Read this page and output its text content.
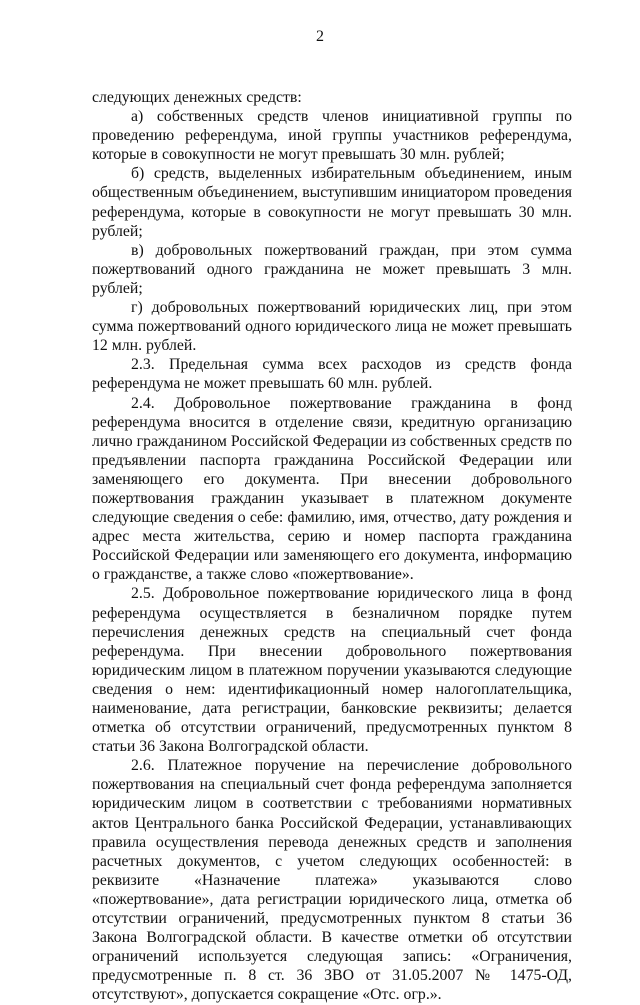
2

следующих денежных средств:

а) собственных средств членов инициативной группы по проведению референдума, иной группы участников референдума, которые в совокупности не могут превышать 30 млн. рублей;

б) средств, выделенных избирательным объединением, иным общественным объединением, выступившим инициатором проведения референдума, которые в совокупности не могут превышать 30 млн. рублей;

в) добровольных пожертвований граждан, при этом сумма пожертвований одного гражданина не может превышать 3 млн. рублей;

г) добровольных пожертвований юридических лиц, при этом сумма пожертвований одного юридического лица не может превышать 12 млн. рублей.

2.3. Предельная сумма всех расходов из средств фонда референдума не может превышать 60 млн. рублей.

2.4. Добровольное пожертвование гражданина в фонд референдума вносится в отделение связи, кредитную организацию лично гражданином Российской Федерации из собственных средств по предъявлении паспорта гражданина Российской Федерации или заменяющего его документа. При внесении добровольного пожертвования гражданин указывает в платежном документе следующие сведения о себе: фамилию, имя, отчество, дату рождения и адрес места жительства, серию и номер паспорта гражданина Российской Федерации или заменяющего его документа, информацию о гражданстве, а также слово «пожертвование».

2.5. Добровольное пожертвование юридического лица в фонд референдума осуществляется в безналичном порядке путем перечисления денежных средств на специальный счет фонда референдума. При внесении добровольного пожертвования юридическим лицом в платежном поручении указываются следующие сведения о нем: идентификационный номер налогоплательщика, наименование, дата регистрации, банковские реквизиты; делается отметка об отсутствии ограничений, предусмотренных пунктом 8 статьи 36 Закона Волгоградской области.

2.6. Платежное поручение на перечисление добровольного пожертвования на специальный счет фонда референдума заполняется юридическим лицом в соответствии с требованиями нормативных актов Центрального банка Российской Федерации, устанавливающих правила осуществления перевода денежных средств и заполнения расчетных документов, с учетом следующих особенностей: в реквизите «Назначение платежа» указываются слово «пожертвование», дата регистрации юридического лица, отметка об отсутствии ограничений, предусмотренных пунктом 8 статьи 36 Закона Волгоградской области. В качестве отметки об отсутствии ограничений используется следующая запись: «Ограничения, предусмотренные п. 8 ст. 36 ЗВО от 31.05.2007 № 1475-ОД, отсутствуют», допускается сокращение «Отс. огр.».
